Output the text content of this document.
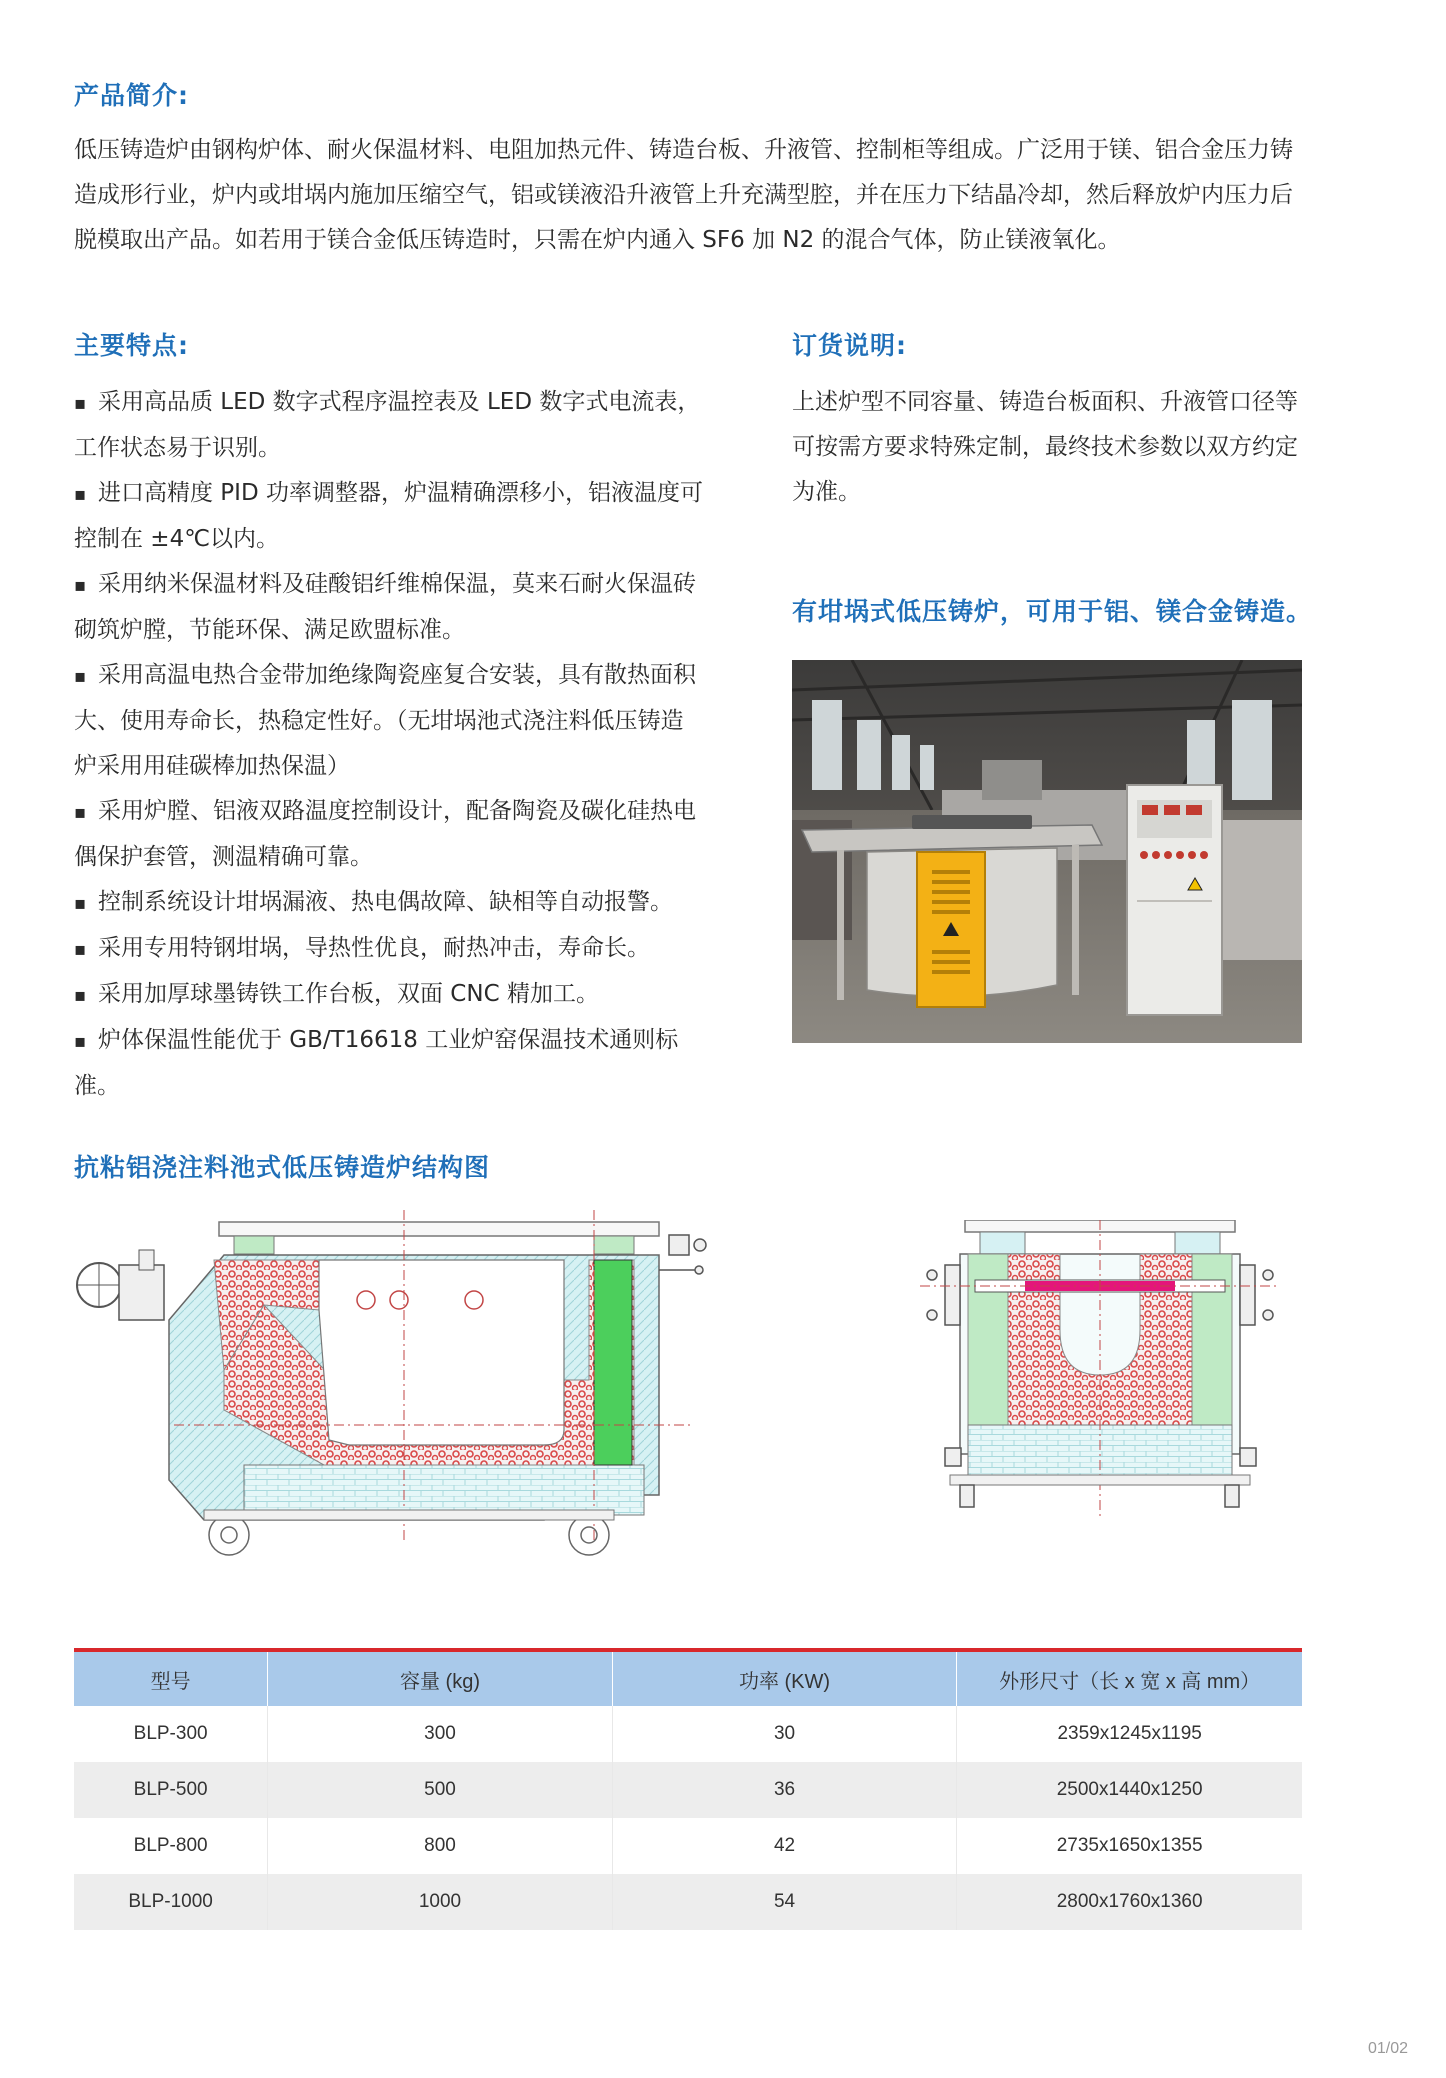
产品简介:
低压铸造炉由钢构炉体、耐火保温材料、电阻加热元件、铸造台板、升液管、控制柜等组成。广泛用于镁、铝合金压力铸
造成形行业，炉内或坩埚内施加压缩空气，铝或镁液沿升液管上升充满型腔，并在压力下结晶冷却，然后释放炉内压力后
脱模取出产品。如若用于镁合金低压铸造时，只需在炉内通入 SF6 加 N2 的混合气体，防止镁液氧化。
主要特点:
▪ 采用高品质 LED 数字式程序温控表及 LED 数字式电流表，
工作状态易于识别。
▪ 进口高精度 PID 功率调整器，炉温精确漂移小，铝液温度可
控制在 ±4℃以内。
▪ 采用纳米保温材料及硅酸铝纤维棉保温，莫来石耐火保温砖
砌筑炉膛，节能环保、满足欧盟标准。
▪ 采用高温电热合金带加绝缘陶瓷座复合安装，具有散热面积
大、使用寿命长，热稳定性好。（无坩埚池式浇注料低压铸造
炉采用用硅碳棒加热保温）
▪ 采用炉膛、铝液双路温度控制设计，配备陶瓷及碳化硅热电
偶保护套管，测温精确可靠。
▪ 控制系统设计坩埚漏液、热电偶故障、缺相等自动报警。
▪ 采用专用特钢坩埚，导热性优良，耐热冲击，寿命长。
▪ 采用加厚球墨铸铁工作台板，双面 CNC 精加工。
▪ 炉体保温性能优于 GB/T16618 工业炉窑保温技术通则标准。
订货说明:
上述炉型不同容量、铸造台板面积、升液管口径等
可按需方要求特殊定制，最终技术参数以双方约定
为准。
有坩埚式低压铸炉，可用于铝、镁合金铸造。
抗粘铝浇注料池式低压铸造炉结构图
型号	容量 (kg)	功率 (KW)	外形尺寸（长 x 宽 x 高 mm）
BLP-300	300	30	2359x1245x1195
BLP-500	500	36	2500x1440x1250
BLP-800	800	42	2735x1650x1355
BLP-1000	1000	54	2800x1760x1360
01/02
